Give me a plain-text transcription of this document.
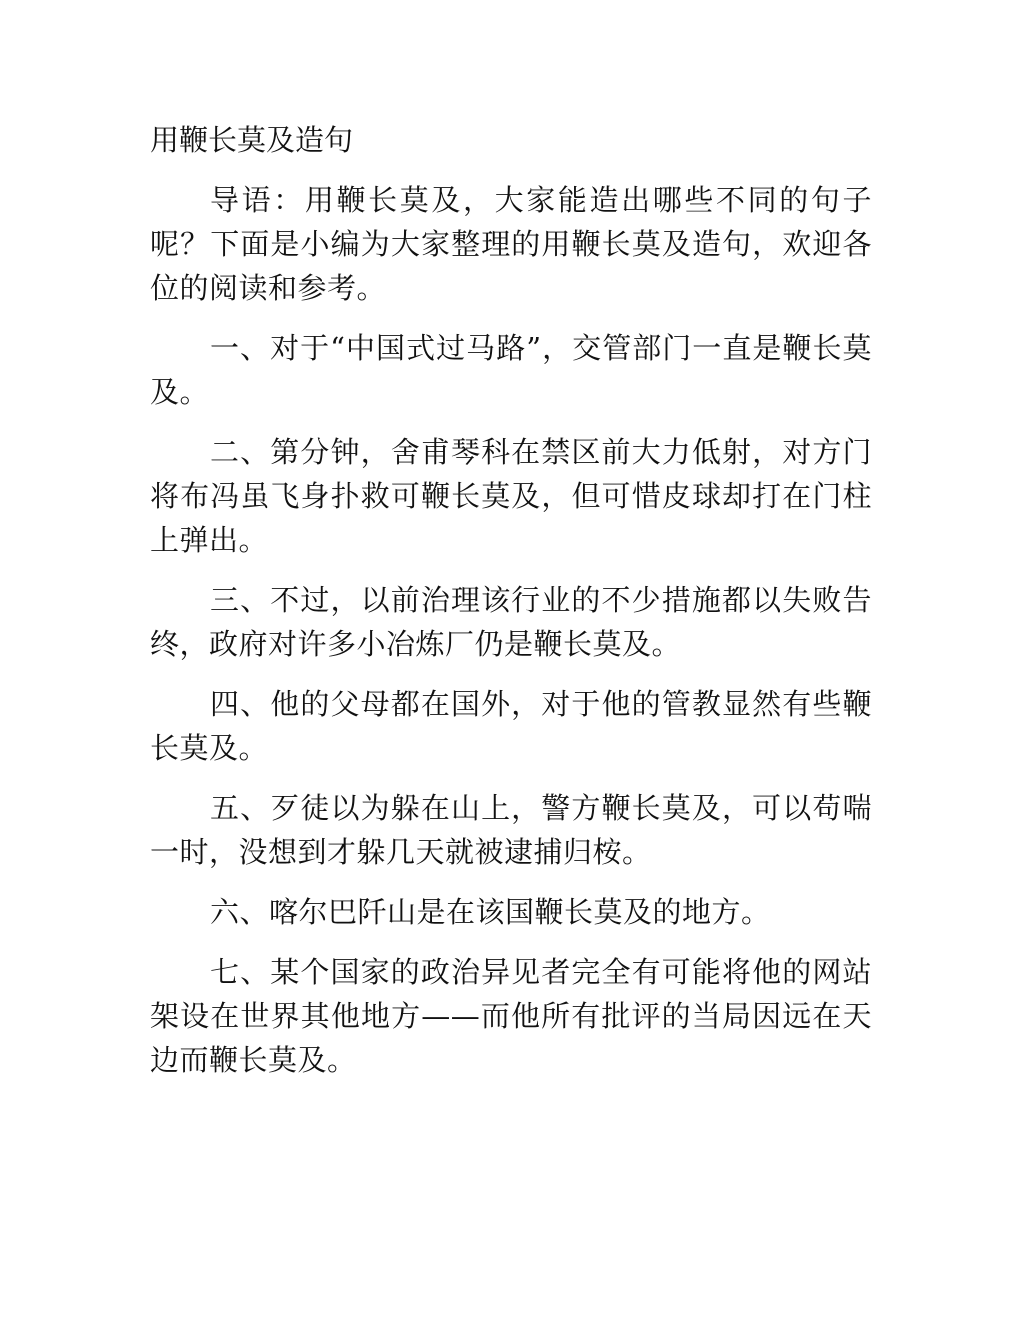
用鞭长莫及造句

导语：用鞭长莫及，大家能造出哪些不同的句子呢？下面是小编为大家整理的用鞭长莫及造句，欢迎各位的阅读和参考。

一、对于“中国式过马路”，交管部门一直是鞭长莫及。

二、第分钟，舍甫琴科在禁区前大力低射，对方门将布冯虽飞身扑救可鞭长莫及，但可惜皮球却打在门柱上弹出。

三、不过，以前治理该行业的不少措施都以失败告终，政府对许多小冶炼厂仍是鞭长莫及。

四、他的父母都在国外，对于他的管教显然有些鞭长莫及。

五、歹徒以为躲在山上，警方鞭长莫及，可以苟喘一时，没想到才躲几天就被逮捕归桉。

六、喀尔巴阡山是在该国鞭长莫及的地方。

七、某个国家的政治异见者完全有可能将他的网站架设在世界其他地方——而他所有批评的当局因远在天边而鞭长莫及。
